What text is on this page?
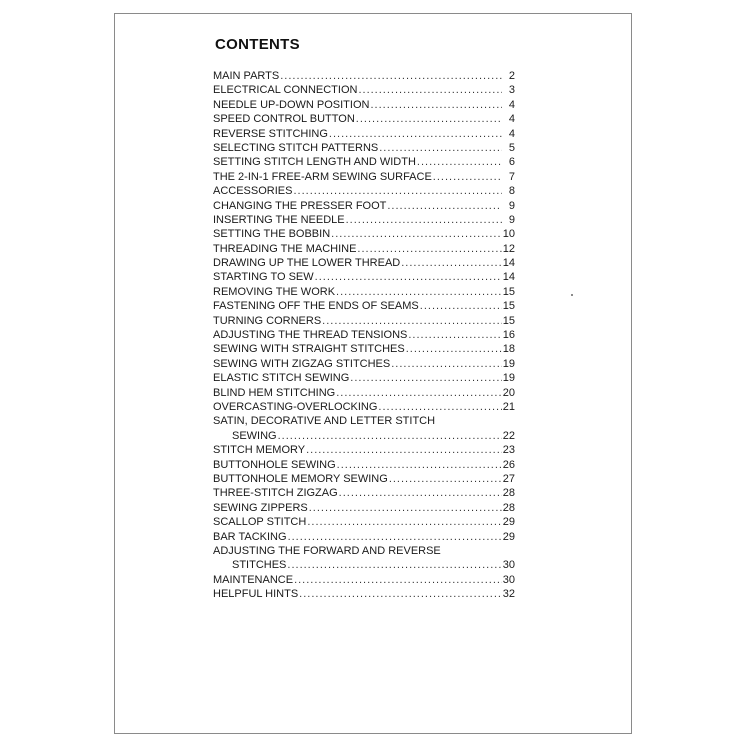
CONTENTS
MAIN PARTS .....	2
ELECTRICAL CONNECTION .....	3
NEEDLE UP-DOWN POSITION .....	4
SPEED CONTROL BUTTON .....	4
REVERSE STITCHING .....	4
SELECTING STITCH PATTERNS .....	5
SETTING STITCH LENGTH AND WIDTH .....	6
THE 2-IN-1 FREE-ARM SEWING SURFACE .....	7
ACCESSORIES .....	8
CHANGING THE PRESSER FOOT .....	9
INSERTING THE NEEDLE .....	9
SETTING THE BOBBIN .....	10
THREADING THE MACHINE .....	12
DRAWING UP THE LOWER THREAD .....	14
STARTING TO SEW .....	14
REMOVING THE WORK .....	15
FASTENING OFF THE ENDS OF SEAMS .....	15
TURNING CORNERS .....	15
ADJUSTING THE THREAD TENSIONS .....	16
SEWING WITH STRAIGHT STITCHES .....	18
SEWING WITH ZIGZAG STITCHES .....	19
ELASTIC STITCH SEWING .....	19
BLIND HEM STITCHING .....	20
OVERCASTING-OVERLOCKING .....	21
SATIN, DECORATIVE AND LETTER STITCH
SEWING .....	22
STITCH MEMORY .....	23
BUTTONHOLE SEWING .....	26
BUTTONHOLE MEMORY SEWING .....	27
THREE-STITCH ZIGZAG .....	28
SEWING ZIPPERS .....	28
SCALLOP STITCH .....	29
BAR TACKING .....	29
ADJUSTING THE FORWARD AND REVERSE
STITCHES .....	30
MAINTENANCE .....	30
HELPFUL HINTS .....	32
